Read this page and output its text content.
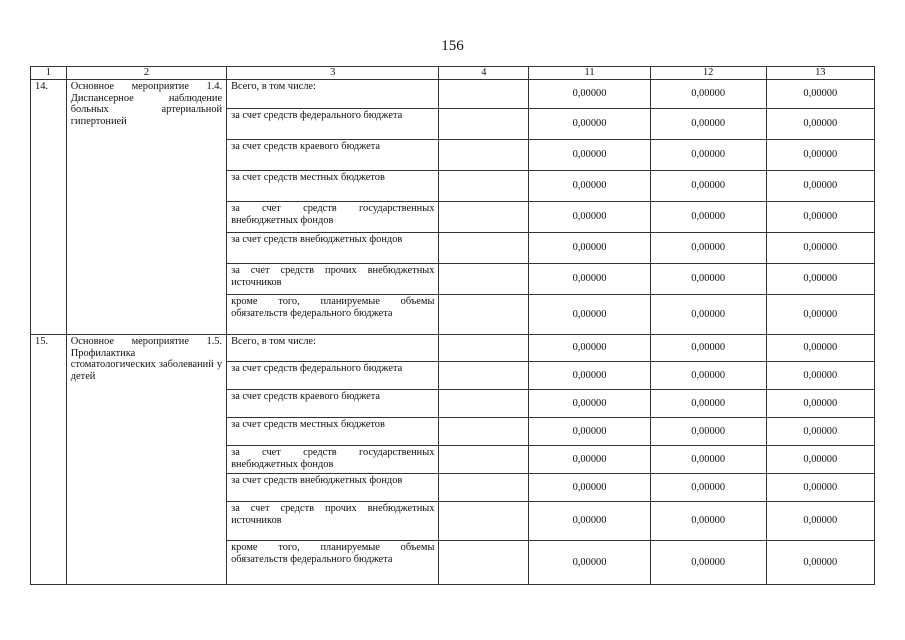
156
1	2	3	4	11	12	13
14.	Основное мероприятие 1.4. Диспансерное наблюдение больных артериальной гипертонией	Всего, в том числе:		0,00000	0,00000	0,00000
		за счет средств федерального бюджета		0,00000	0,00000	0,00000
		за счет средств краевого бюджета		0,00000	0,00000	0,00000
		за счет средств местных бюджетов		0,00000	0,00000	0,00000
		за счет средств государственных внебюджетных фондов		0,00000	0,00000	0,00000
		за счет средств внебюджетных фондов		0,00000	0,00000	0,00000
		за счет средств прочих внебюджетных источников		0,00000	0,00000	0,00000
		кроме того, планируемые объемы обязательств федерального бюджета		0,00000	0,00000	0,00000
15.	Основное мероприятие 1.5. Профилактика стоматологических заболеваний у детей	Всего, в том числе:		0,00000	0,00000	0,00000
		за счет средств федерального бюджета		0,00000	0,00000	0,00000
		за счет средств краевого бюджета		0,00000	0,00000	0,00000
		за счет средств местных бюджетов		0,00000	0,00000	0,00000
		за счет средств государственных внебюджетных фондов		0,00000	0,00000	0,00000
		за счет средств внебюджетных фондов		0,00000	0,00000	0,00000
		за счет средств прочих внебюджетных источников		0,00000	0,00000	0,00000
		кроме того, планируемые объемы обязательств федерального бюджета		0,00000	0,00000	0,00000
